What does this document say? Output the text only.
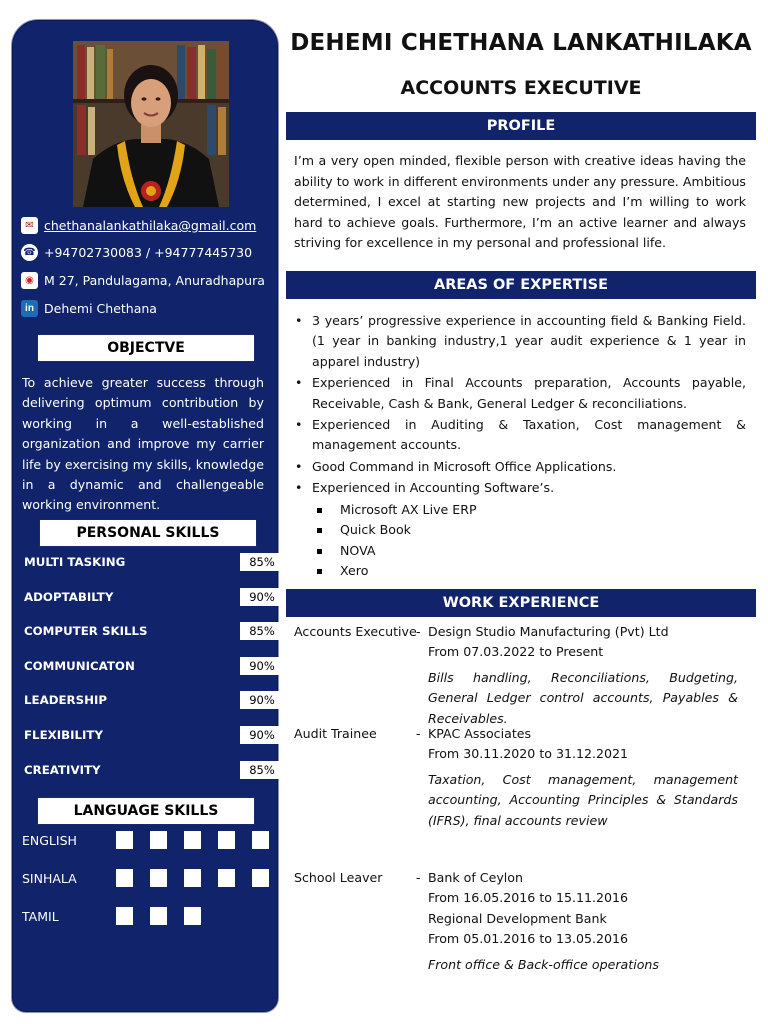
✉ chethanalankathilaka@gmail.com
☎ +94702730083 / +94777445730
◉ M 27, Pandulagama, Anuradhapura
in Dehemi Chethana
OBJECTVE

To achieve greater success through delivering optimum contribution by working in a well-established organization and improve my carrier life by exercising my skills, knowledge in a dynamic and challengeable working environment.

PERSONAL SKILLS
MULTI TASKING	85%
ADOPTABILTY	90%
COMPUTER SKILLS	85%
COMMUNICATON	90%
LEADERSHIP	90%
FLEXIBILITY	90%
CREATIVITY	85%
LANGUAGE SKILLS
ENGLISH
SINHALA
TAMIL
DEHEMI CHETHANA LANKATHILAKA
ACCOUNTS EXECUTIVE
PROFILE

I’m a very open minded, flexible person with creative ideas having the ability to work in different environments under any pressure. Ambitious determined, I excel at starting new projects and I’m willing to work hard to achieve goals. Furthermore, I’m an active learner and always striving for excellence in my personal and professional life.

AREAS OF EXPERTISE
• 3 years’ progressive experience in accounting field & Banking Field. (1 year in banking industry,1 year audit experience & 1 year in apparel industry)
• Experienced in Final Accounts preparation, Accounts payable, Receivable, Cash & Bank, General Ledger & reconciliations.
• Experienced in Auditing & Taxation, Cost management & management accounts.
• Good Command in Microsoft Office Applications.
• Experienced in Accounting Software’s.
Microsoft AX Live ERP
Quick Book
NOVA
Xero
WORK EXPERIENCE
Accounts Executive - Design Studio Manufacturing (Pvt) Ltd
From 07.03.2022 to Present
Bills handling, Reconciliations, Budgeting, General Ledger control accounts, Payables & Receivables.
Audit Trainee	- KPAC Associates
From 30.11.2020 to 31.12.2021
Taxation, Cost management, management accounting, Accounting Principles & Standards (IFRS), final accounts review
School Leaver	- Bank of Ceylon
From 16.05.2016 to 15.11.2016
Regional Development Bank
From 05.01.2016 to 13.05.2016
Front office & Back-office operations
